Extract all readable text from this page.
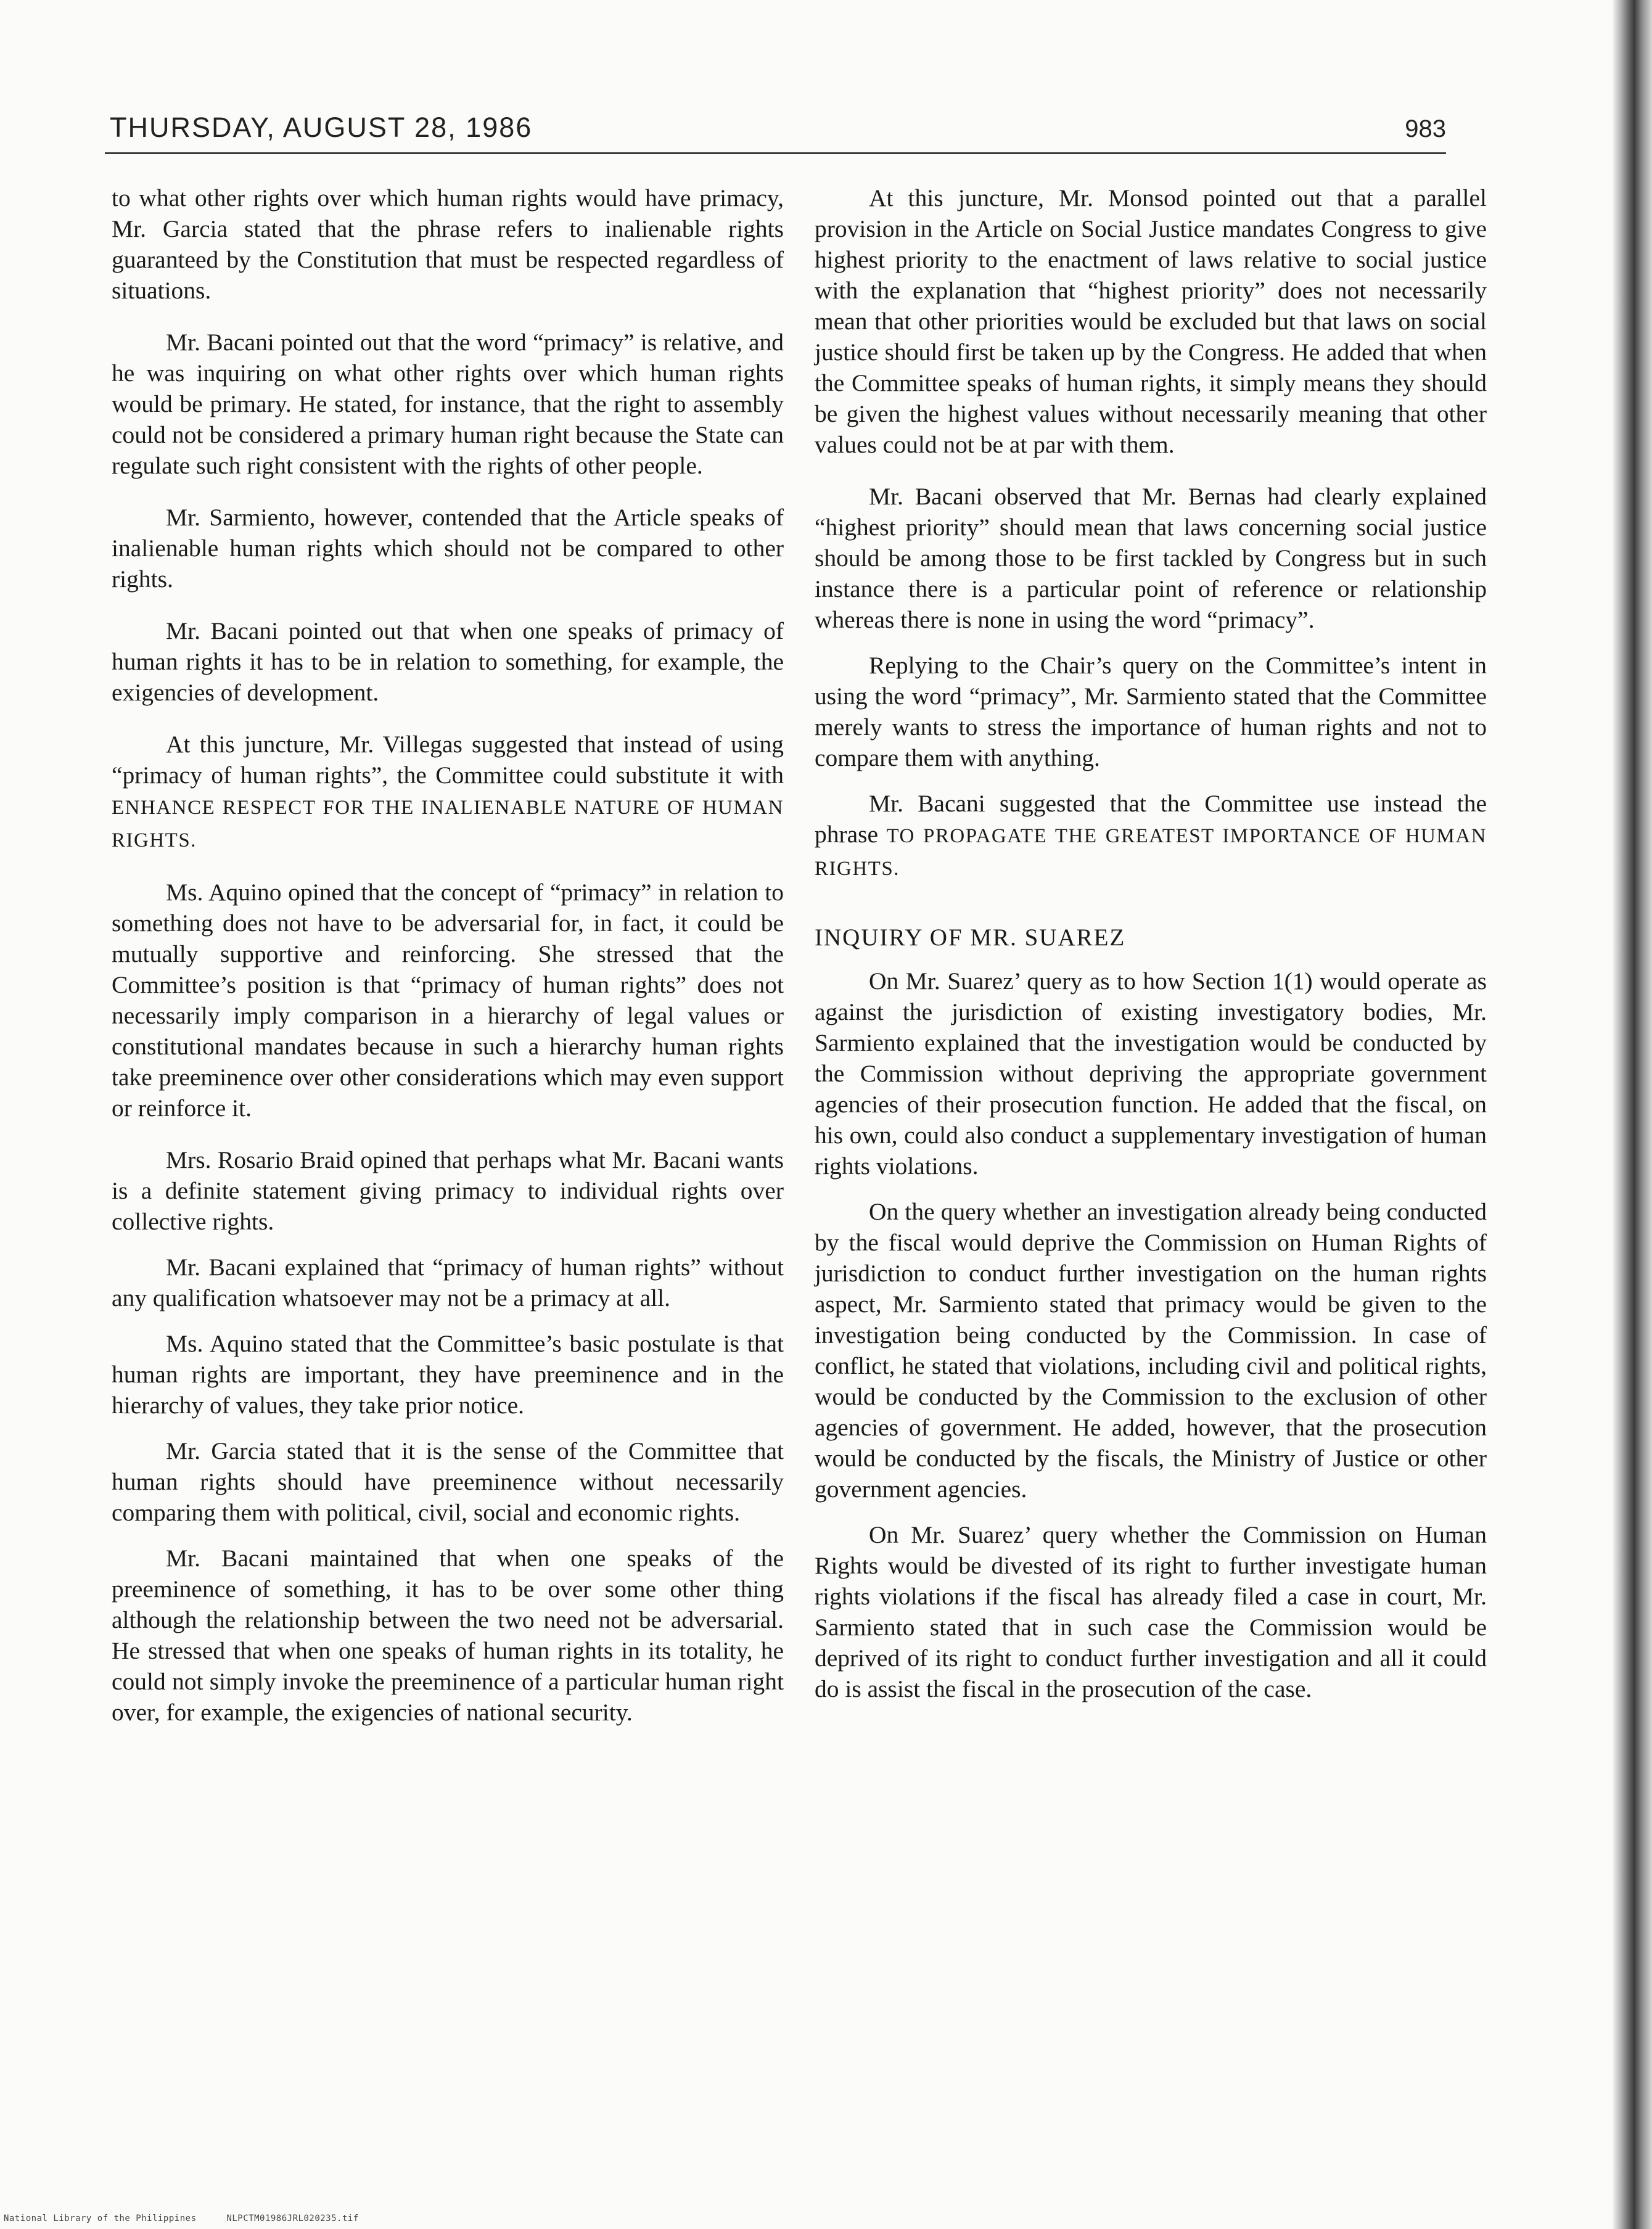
THURSDAY, AUGUST 28, 1986	983

to what other rights over which human rights would have primacy, Mr. Garcia stated that the phrase refers to inalienable rights guaranteed by the Constitution that must be respected regardless of situations.

Mr. Bacani pointed out that the word “primacy” is relative, and he was inquiring on what other rights over which human rights would be primary. He stated, for instance, that the right to assembly could not be considered a primary human right because the State can regulate such right consistent with the rights of other people.

Mr. Sarmiento, however, contended that the Article speaks of inalienable human rights which should not be compared to other rights.

Mr. Bacani pointed out that when one speaks of primacy of human rights it has to be in relation to something, for example, the exigencies of development.

At this juncture, Mr. Villegas suggested that instead of using “primacy of human rights”, the Committee could substitute it with ENHANCE RESPECT FOR THE INALIENABLE NATURE OF HUMAN RIGHTS.

Ms. Aquino opined that the concept of “primacy” in relation to something does not have to be adversarial for, in fact, it could be mutually supportive and reinforcing. She stressed that the Committee’s position is that “primacy of human rights” does not necessarily imply comparison in a hierarchy of legal values or constitutional mandates because in such a hierarchy human rights take preeminence over other considerations which may even support or reinforce it.

Mrs. Rosario Braid opined that perhaps what Mr. Bacani wants is a definite statement giving primacy to individual rights over collective rights.

Mr. Bacani explained that “primacy of human rights” without any qualification whatsoever may not be a primacy at all.

Ms. Aquino stated that the Committee’s basic postulate is that human rights are important, they have preeminence and in the hierarchy of values, they take prior notice.

Mr. Garcia stated that it is the sense of the Committee that human rights should have preeminence without necessarily comparing them with political, civil, social and economic rights.

Mr. Bacani maintained that when one speaks of the preeminence of something, it has to be over some other thing although the relationship between the two need not be adversarial. He stressed that when one speaks of human rights in its totality, he could not simply invoke the preeminence of a particular human right over, for example, the exigencies of national security.

At this juncture, Mr. Monsod pointed out that a parallel provision in the Article on Social Justice mandates Congress to give highest priority to the enactment of laws relative to social justice with the explanation that “highest priority” does not necessarily mean that other priorities would be excluded but that laws on social justice should first be taken up by the Congress. He added that when the Committee speaks of human rights, it simply means they should be given the highest values without necessarily meaning that other values could not be at par with them.

Mr. Bacani observed that Mr. Bernas had clearly explained “highest priority” should mean that laws concerning social justice should be among those to be first tackled by Congress but in such instance there is a particular point of reference or relationship whereas there is none in using the word “primacy”.

Replying to the Chair’s query on the Committee’s intent in using the word “primacy”, Mr. Sarmiento stated that the Committee merely wants to stress the importance of human rights and not to compare them with anything.

Mr. Bacani suggested that the Committee use instead the phrase TO PROPAGATE THE GREATEST IMPORTANCE OF HUMAN RIGHTS.

INQUIRY OF MR. SUAREZ

On Mr. Suarez’ query as to how Section 1(1) would operate as against the jurisdiction of existing investigatory bodies, Mr. Sarmiento explained that the investigation would be conducted by the Commission without depriving the appropriate government agencies of their prosecution function. He added that the fiscal, on his own, could also conduct a supplementary investigation of human rights violations.

On the query whether an investigation already being conducted by the fiscal would deprive the Commission on Human Rights of jurisdiction to conduct further investigation on the human rights aspect, Mr. Sarmiento stated that primacy would be given to the investigation being conducted by the Commission. In case of conflict, he stated that violations, including civil and political rights, would be conducted by the Commission to the exclusion of other agencies of government. He added, however, that the prosecution would be conducted by the fiscals, the Ministry of Justice or other government agencies.

On Mr. Suarez’ query whether the Commission on Human Rights would be divested of its right to further investigate human rights violations if the fiscal has already filed a case in court, Mr. Sarmiento stated that in such case the Commission would be deprived of its right to conduct further investigation and all it could do is assist the fiscal in the prosecution of the case.

National Library of the Philippines	NLPCTM01986JRL020235.tif
